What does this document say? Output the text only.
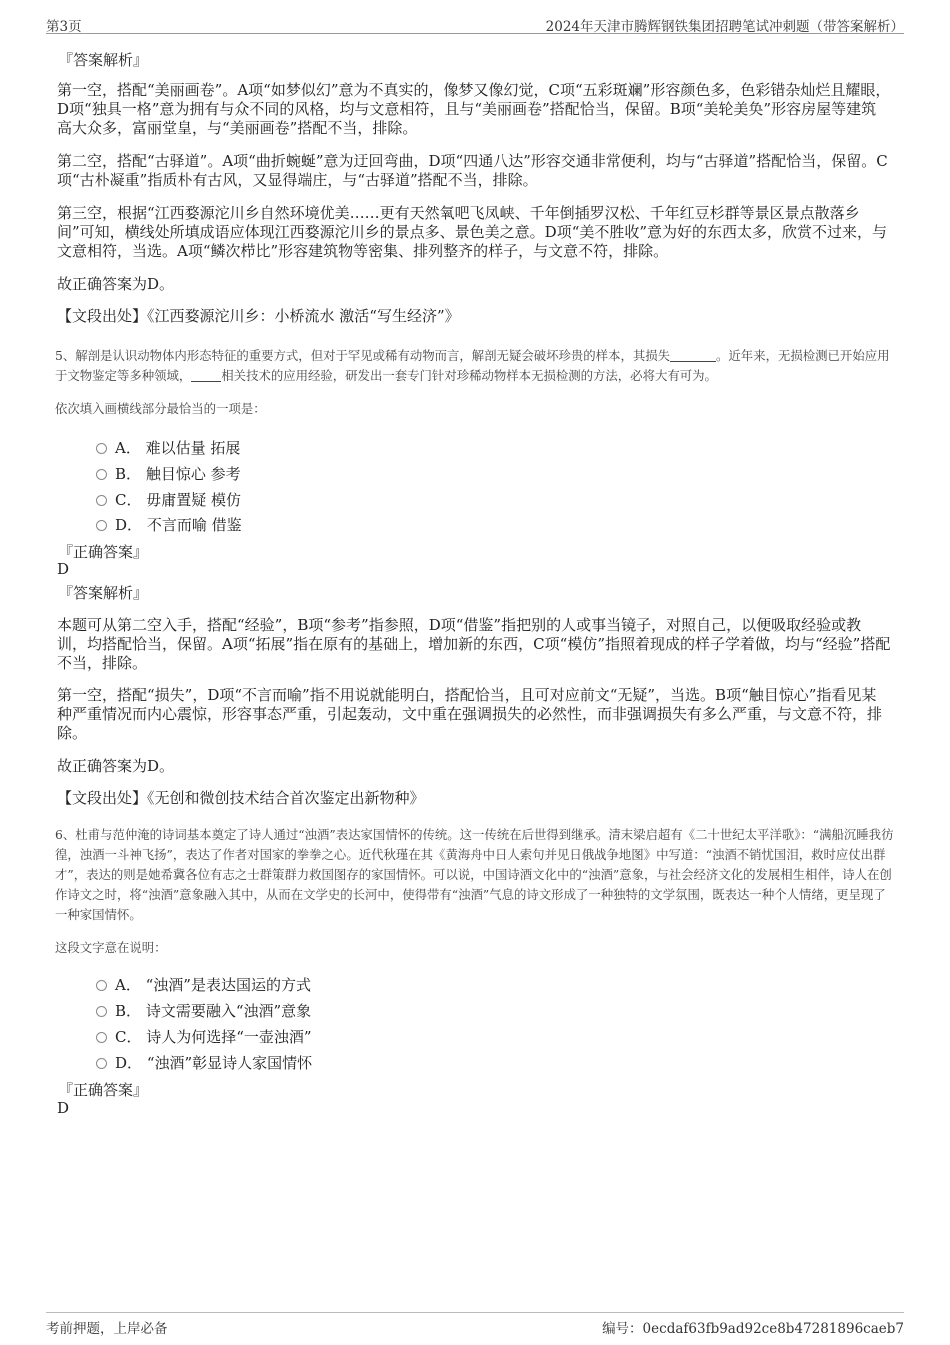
第3页	2024年天津市腾辉钢铁集团招聘笔试冲刺题（带答案解析）
『答案解析』

第一空，搭配“美丽画卷”。A项“如梦似幻”意为不真实的，像梦又像幻觉，C项“五彩斑斓”形容颜色多，色彩错杂灿烂且耀眼，D项“独具一格”意为拥有与众不同的风格，均与文意相符，且与“美丽画卷”搭配恰当，保留。B项“美轮美奂”形容房屋等建筑高大众多，富丽堂皇，与“美丽画卷”搭配不当，排除。

第二空，搭配“古驿道”。A项“曲折蜿蜒”意为迂回弯曲，D项“四通八达”形容交通非常便利，均与“古驿道”搭配恰当，保留。C项“古朴凝重”指质朴有古风，又显得端庄，与“古驿道”搭配不当，排除。

第三空，根据“江西婺源沱川乡自然环境优美……更有天然氧吧飞凤峡、千年倒插罗汉松、千年红豆杉群等景区景点散落乡间”可知，横线处所填成语应体现江西婺源沱川乡的景点多、景色美之意。D项“美不胜收”意为好的东西太多，欣赏不过来，与文意相符，当选。A项“鳞次栉比”形容建筑物等密集、排列整齐的样子，与文意不符，排除。

故正确答案为D。

【文段出处】《江西婺源沱川乡：小桥流水 激活“写生经济”》

5、解剖是认识动物体内形态特征的重要方式，但对于罕见或稀有动物而言，解剖无疑会破坏珍贵的样本，其损失	。近年来，无损检测已开始应用于文物鉴定等多种领域， 相关技术的应用经验，研发出一套专门针对珍稀动物样本无损检测的方法，必将大有可为。

依次填入画横线部分最恰当的一项是：

A． 难以估量 拓展
B． 触目惊心 参考
C． 毋庸置疑 模仿
D． 不言而喻 借鉴
『正确答案』
D
『答案解析』

本题可从第二空入手，搭配“经验”，B项“参考”指参照，D项“借鉴”指把别的人或事当镜子，对照自己，以便吸取经验或教训，均搭配恰当，保留。A项“拓展”指在原有的基础上，增加新的东西，C项“模仿”指照着现成的样子学着做，均与“经验”搭配不当，排除。

第一空，搭配“损失”，D项“不言而喻”指不用说就能明白，搭配恰当，且可对应前文“无疑”，当选。B项“触目惊心”指看见某种严重情况而内心震惊，形容事态严重，引起轰动，文中重在强调损失的必然性，而非强调损失有多么严重，与文意不符，排除。

故正确答案为D。

【文段出处】《无创和微创技术结合首次鉴定出新物种》

6、杜甫与范仲淹的诗词基本奠定了诗人通过“浊酒”表达家国情怀的传统。这一传统在后世得到继承。清末梁启超有《二十世纪太平洋歌》：“满船沉睡我彷徨，浊酒一斗神飞扬”，表达了作者对国家的拳拳之心。近代秋瑾在其《黄海舟中日人索句并见日俄战争地图》中写道：“浊酒不销忧国泪，救时应仗出群才”，表达的则是她希冀各位有志之士群策群力救国图存的家国情怀。可以说，中国诗酒文化中的“浊酒”意象，与社会经济文化的发展相生相伴，诗人在创作诗文之时，将“浊酒”意象融入其中，从而在文学史的长河中，使得带有“浊酒”气息的诗文形成了一种独特的文学氛围，既表达一种个人情绪，更呈现了一种家国情怀。

这段文字意在说明：

A． “浊酒”是表达国运的方式
B． 诗文需要融入“浊酒”意象
C． 诗人为何选择“一壶浊酒”
D． “浊酒”彰显诗人家国情怀
『正确答案』
D
考前押题，上岸必备	编号：0ecdaf63fb9ad92ce8b47281896caeb7
